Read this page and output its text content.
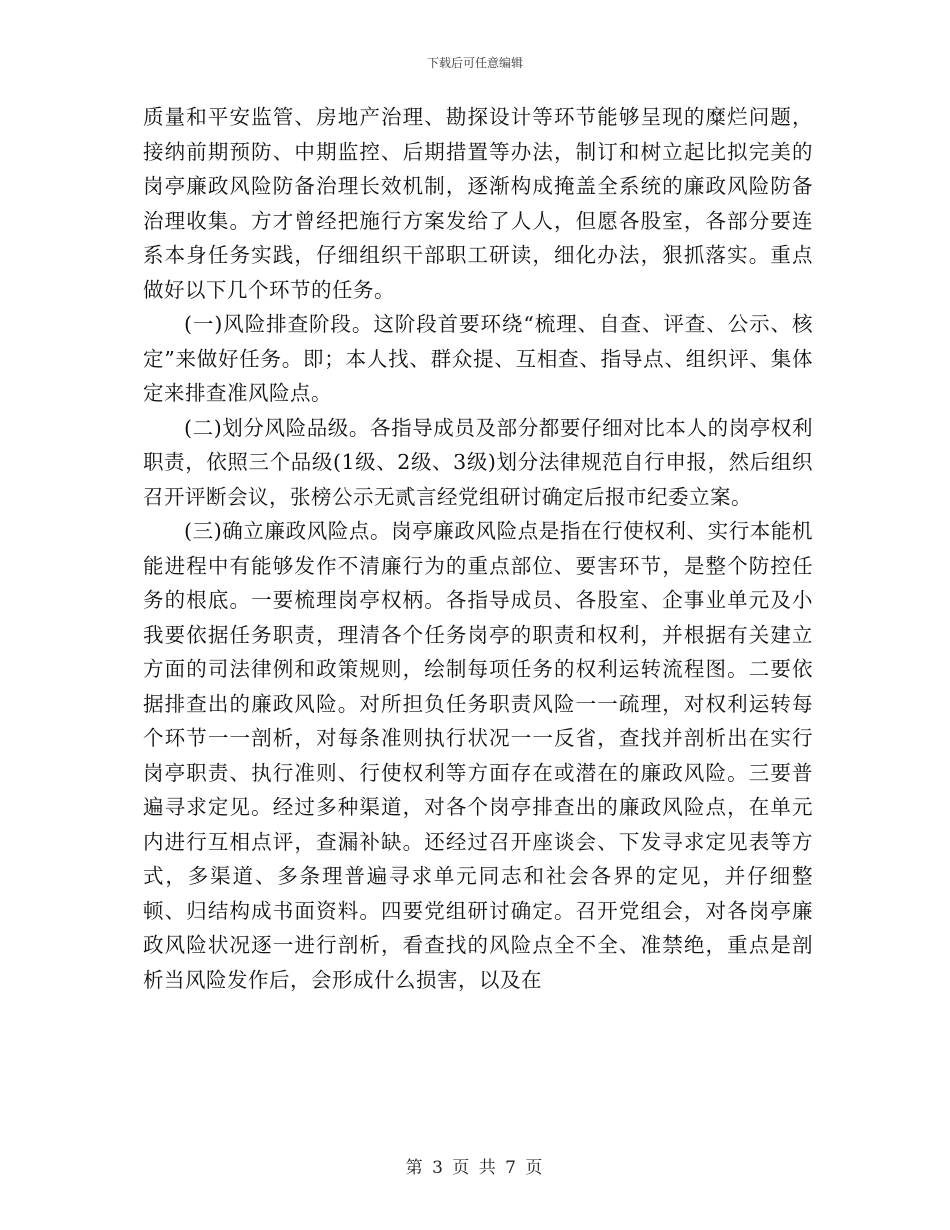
下载后可任意编辑

质量和平安监管、房地产治理、勘探设计等环节能够呈现的糜烂问题，接纳前期预防、中期监控、后期措置等办法，制订和树立起比拟完美的岗亭廉政风险防备治理长效机制，逐渐构成掩盖全系统的廉政风险防备治理收集。方才曾经把施行方案发给了人人，但愿各股室，各部分要连系本身任务实践，仔细组织干部职工研读，细化办法，狠抓落实。重点做好以下几个环节的任务。

(一)风险排查阶段。这阶段首要环绕“梳理、自查、评查、公示、核定”来做好任务。即；本人找、群众提、互相查、指导点、组织评、集体定来排查准风险点。

(二)划分风险品级。各指导成员及部分都要仔细对比本人的岗亭权利职责，依照三个品级(1级、2级、3级)划分法律规范自行申报，然后组织召开评断会议，张榜公示无贰言经党组研讨确定后报市纪委立案。

(三)确立廉政风险点。岗亭廉政风险点是指在行使权利、实行本能机能进程中有能够发作不清廉行为的重点部位、要害环节，是整个防控任务的根底。一要梳理岗亭权柄。各指导成员、各股室、企事业单元及小我要依据任务职责，理清各个任务岗亭的职责和权利，并根据有关建立方面的司法律例和政策规则，绘制每项任务的权利运转流程图。二要依据排查出的廉政风险。对所担负任务职责风险一一疏理，对权利运转每个环节一一剖析，对每条准则执行状况一一反省，查找并剖析出在实行岗亭职责、执行准则、行使权利等方面存在或潜在的廉政风险。三要普遍寻求定见。经过多种渠道，对各个岗亭排查出的廉政风险点，在单元内进行互相点评，查漏补缺。还经过召开座谈会、下发寻求定见表等方式，多渠道、多条理普遍寻求单元同志和社会各界的定见，并仔细整顿、归结构成书面资料。四要党组研讨确定。召开党组会，对各岗亭廉政风险状况逐一进行剖析，看查找的风险点全不全、准禁绝，重点是剖析当风险发作后，会形成什么损害，以及在

第 3 页 共 7 页
